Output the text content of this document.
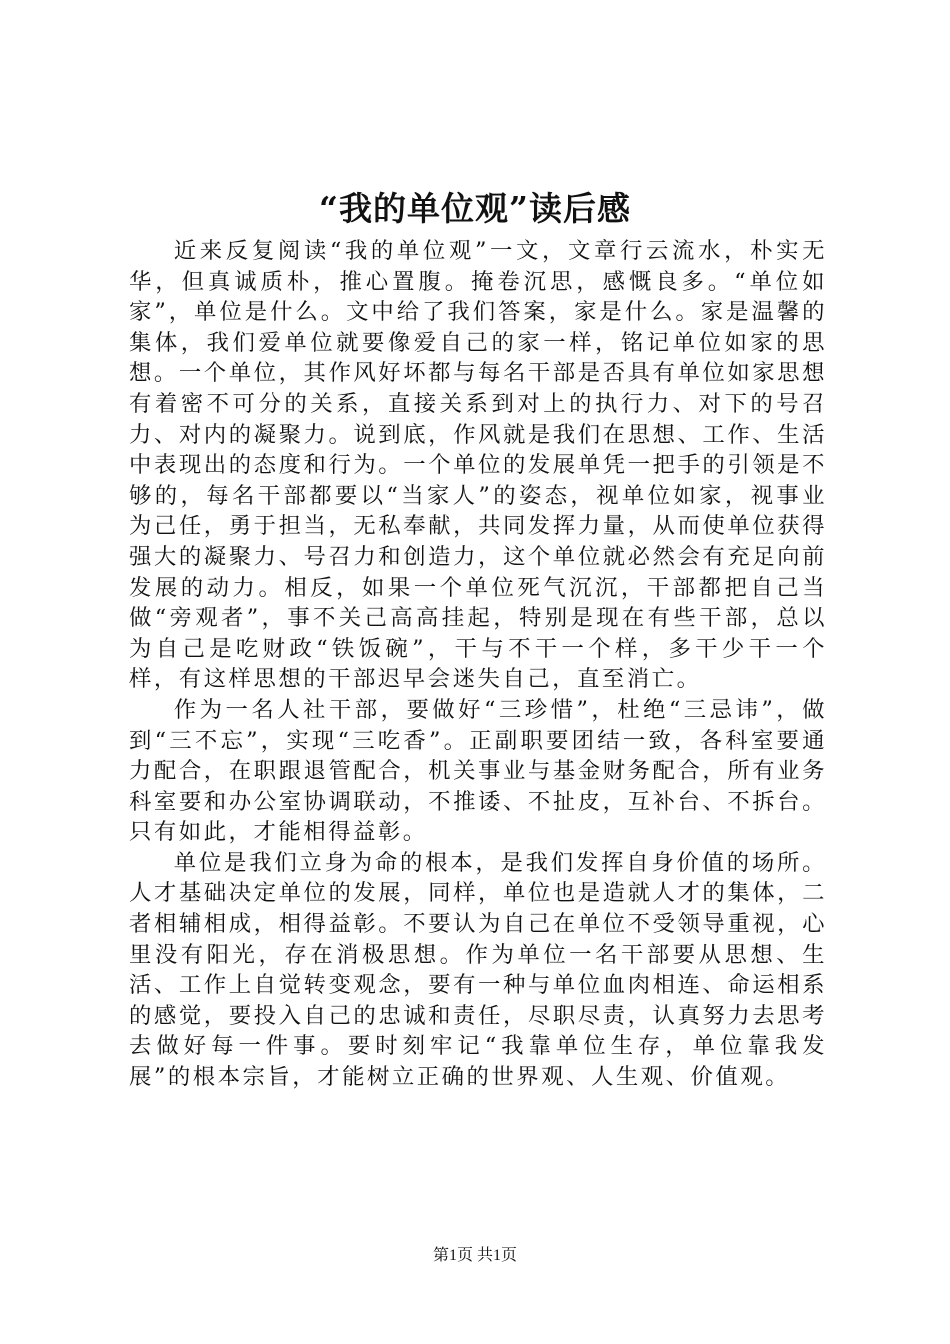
“我的单位观”读后感

近来反复阅读“我的单位观”一文，文章行云流水，朴实无华，但真诚质朴，推心置腹。掩卷沉思，感慨良多。“单位如家”，单位是什么。文中给了我们答案，家是什么。家是温馨的集体，我们爱单位就要像爱自己的家一样，铭记单位如家的思想。一个单位，其作风好坏都与每名干部是否具有单位如家思想有着密不可分的关系，直接关系到对上的执行力、对下的号召力、对内的凝聚力。说到底，作风就是我们在思想、工作、生活中表现出的态度和行为。一个单位的发展单凭一把手的引领是不够的，每名干部都要以“当家人”的姿态，视单位如家，视事业为己任，勇于担当，无私奉献，共同发挥力量，从而使单位获得强大的凝聚力、号召力和创造力，这个单位就必然会有充足向前发展的动力。相反，如果一个单位死气沉沉，干部都把自己当做“旁观者”，事不关己高高挂起，特别是现在有些干部，总以为自己是吃财政“铁饭碗”，干与不干一个样，多干少干一个样，有这样思想的干部迟早会迷失自己，直至消亡。

作为一名人社干部，要做好“三珍惜”，杜绝“三忌讳”，做到“三不忘”，实现“三吃香”。正副职要团结一致，各科室要通力配合，在职跟退管配合，机关事业与基金财务配合，所有业务科室要和办公室协调联动，不推诿、不扯皮，互补台、不拆台。只有如此，才能相得益彰。

单位是我们立身为命的根本，是我们发挥自身价值的场所。人才基础决定单位的发展，同样，单位也是造就人才的集体，二者相辅相成，相得益彰。不要认为自己在单位不受领导重视，心里没有阳光，存在消极思想。作为单位一名干部要从思想、生活、工作上自觉转变观念，要有一种与单位血肉相连、命运相系的感觉，要投入自己的忠诚和责任，尽职尽责，认真努力去思考去做好每一件事。要时刻牢记“我靠单位生存，单位靠我发展”的根本宗旨，才能树立正确的世界观、人生观、价值观。

第1页 共1页
